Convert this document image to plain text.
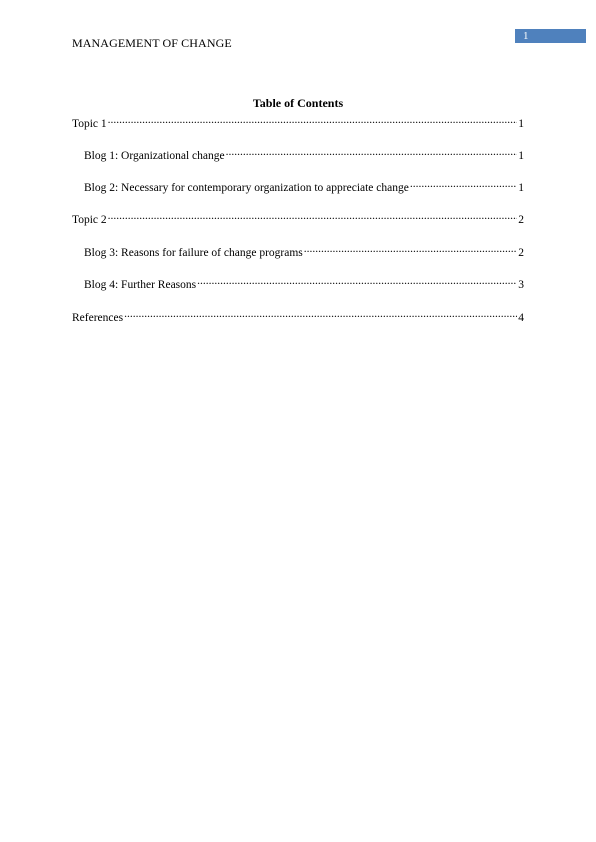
MANAGEMENT OF CHANGE	1
Table of Contents
Topic 1 .....	1
Blog 1: Organizational change .....	1
Blog 2: Necessary for contemporary organization to appreciate change .....	1
Topic 2 .....	2
Blog 3: Reasons for failure of change programs .....	2
Blog 4: Further Reasons .....	3
References .....	4
